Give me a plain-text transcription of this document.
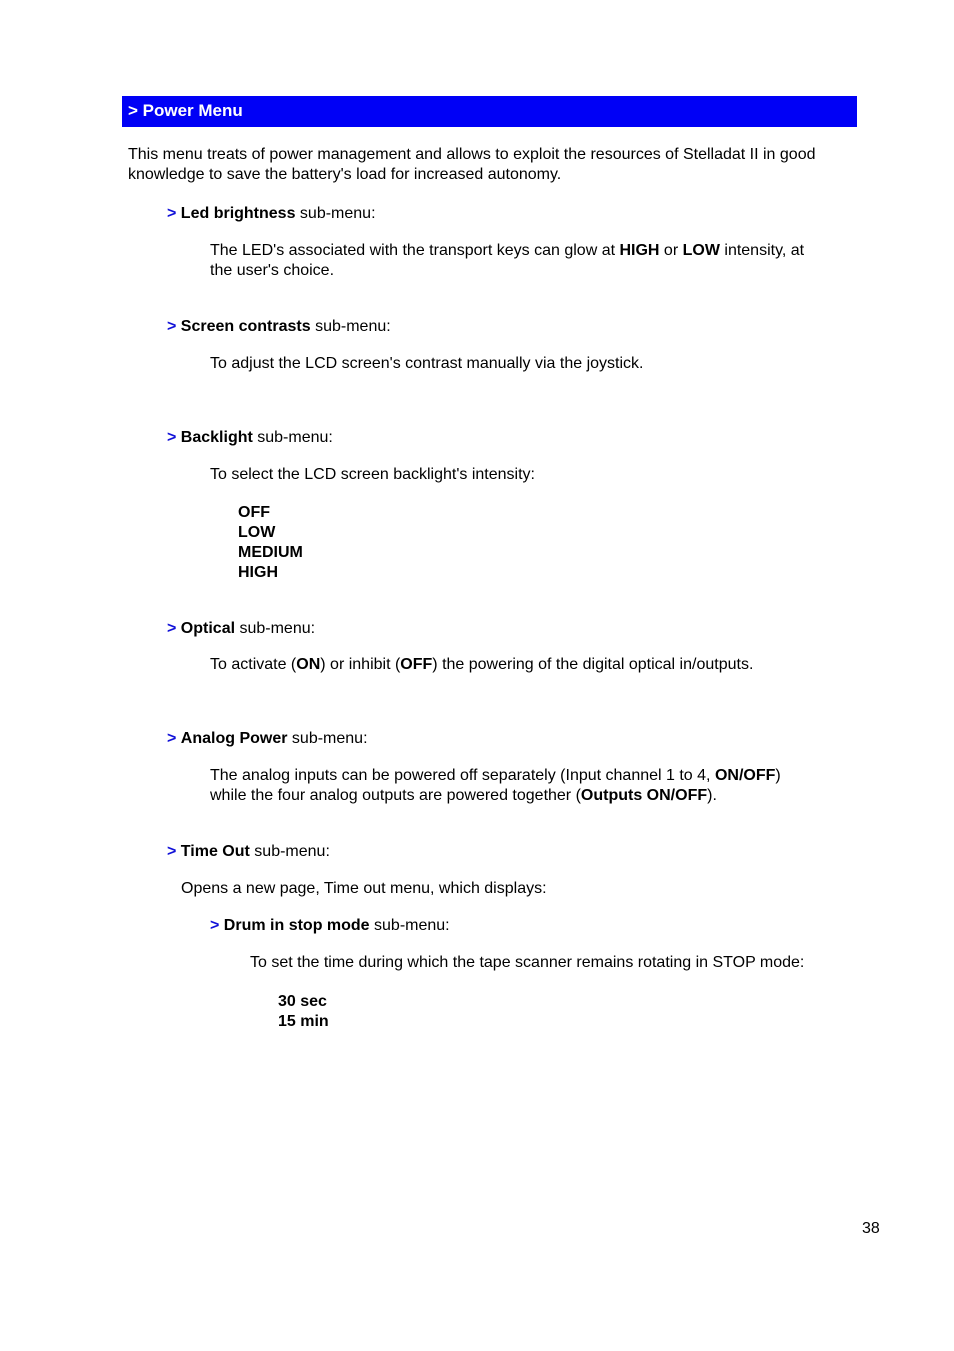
> Power Menu
This menu treats of power management and allows to exploit the resources of Stelladat II in good
knowledge to save the battery's load for increased autonomy.
> Led brightness sub-menu:
The LED's associated with the transport keys can glow at HIGH or LOW intensity, at
the user's choice.
> Screen contrasts sub-menu:
To adjust the LCD screen's contrast manually via the joystick.
> Backlight sub-menu:
To select the LCD screen backlight's intensity:
OFF
LOW
MEDIUM
HIGH
> Optical sub-menu:
To activate (ON) or inhibit (OFF) the powering of the digital optical in/outputs.
> Analog Power sub-menu:
The analog inputs can be powered off separately (Input channel 1 to 4, ON/OFF)
while the four analog outputs are powered together (Outputs ON/OFF).
> Time Out sub-menu:
Opens a new page, Time out menu, which displays:
> Drum in stop mode sub-menu:
To set the time during which the tape scanner remains rotating in STOP mode:
30 sec
15 min
38
